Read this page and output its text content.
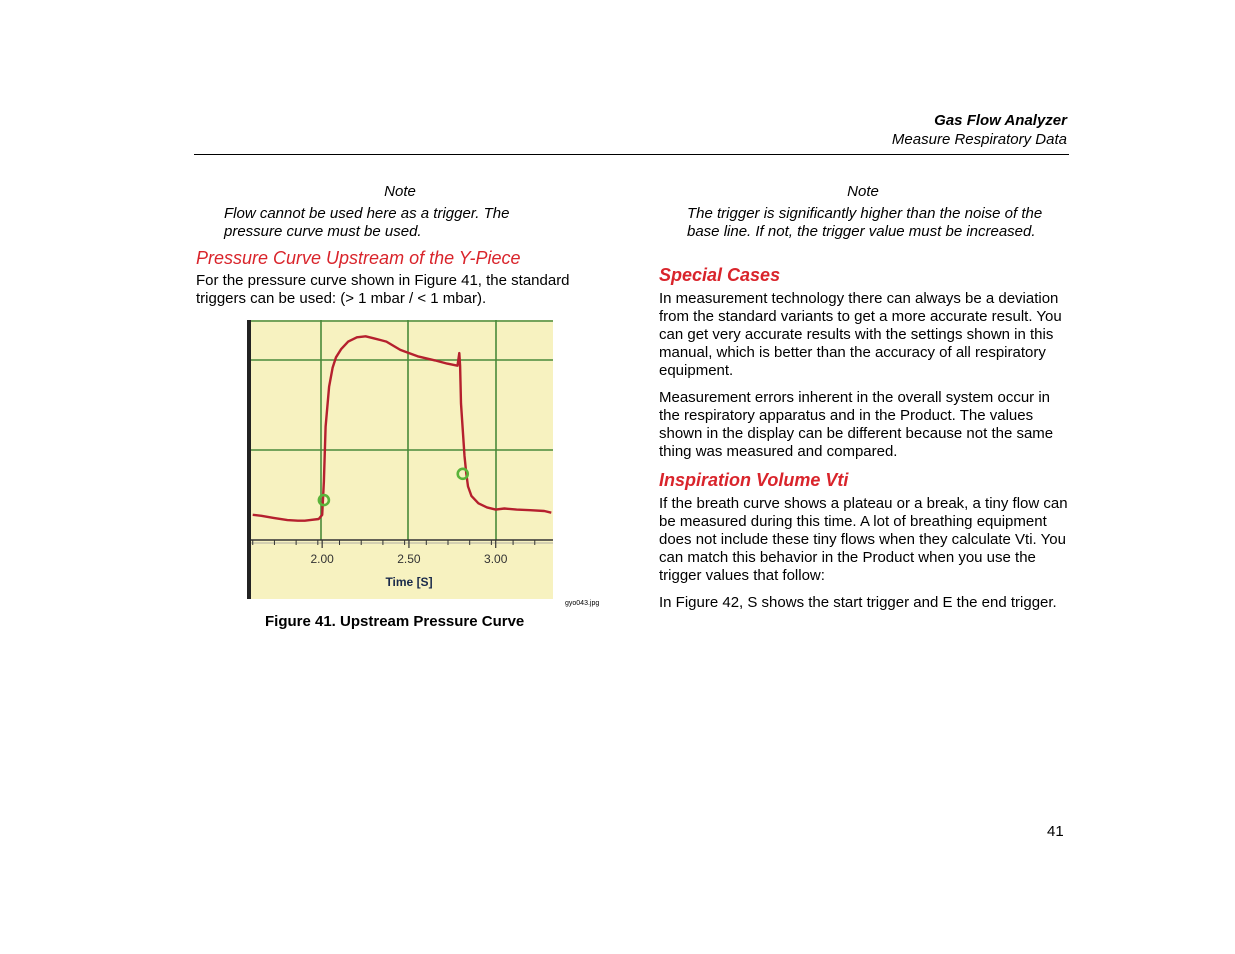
Gas Flow Analyzer
Measure Respiratory Data
Note
Flow cannot be used here as a trigger. The pressure curve must be used.
Pressure Curve Upstream of the Y-Piece
For the pressure curve shown in Figure 41, the standard triggers can be used: (> 1 mbar / < 1 mbar).
2.00	2.50	3.00
Time [S]
gyo043.jpg
Figure 41. Upstream Pressure Curve
Note
The trigger is significantly higher than the noise of the base line. If not, the trigger value must be increased.
Special Cases
In measurement technology there can always be a deviation from the standard variants to get a more accurate result. You can get very accurate results with the settings shown in this manual, which is better than the accuracy of all respiratory equipment.
Measurement errors inherent in the overall system occur in the respiratory apparatus and in the Product. The values shown in the display can be different because not the same thing was measured and compared.
Inspiration Volume Vti
If the breath curve shows a plateau or a break, a tiny flow can be measured during this time. A lot of breathing equipment does not include these tiny flows when they calculate Vti. You can match this behavior in the Product when you use the trigger values that follow:
In Figure 42, S shows the start trigger and E the end trigger.
41
